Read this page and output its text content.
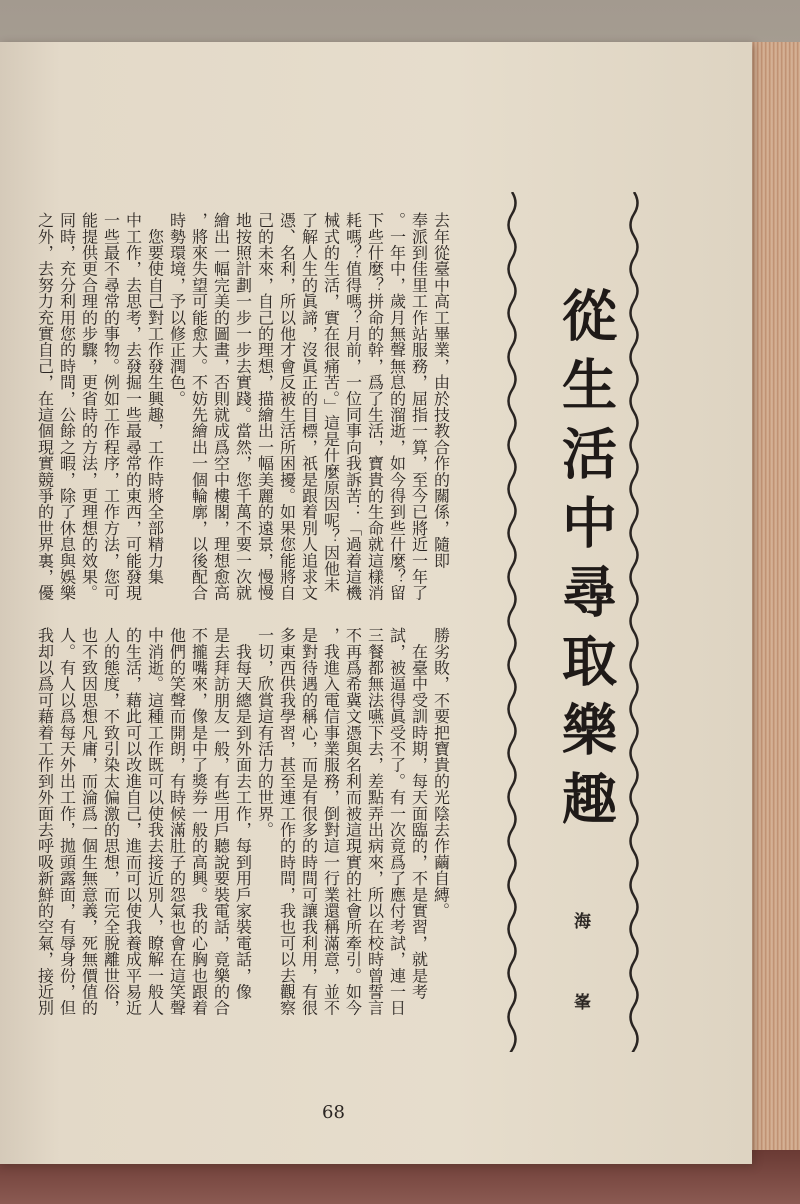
從生活中尋取樂趣
海 峯
去年從臺中高工畢業，由於技教合作的關係，隨即
奉派到佳里工作站服務，屈指一算，至今已將近一年了
。一年中，歲月無聲無息的溜逝，如今得到些什麼？留
下些什麼？拼命的幹，爲了生活，寶貴的生命就這樣消
耗嗎？值得嗎？月前，一位同事向我訴苦：「過着這機
械式的生活，實在很痛苦。」這是什麼原因呢？因他未
了解人生的眞諦，沒眞正的目標，祇是跟着別人追求文
憑、名利，所以他才會反被生活所困擾。如果您能將自
己的未來，自己的理想，描繪出一幅美麗的遠景，慢慢
地按照計劃一步一步去實踐。當然，您千萬不要一次就
繪出一幅完美的圖畫，否則就成爲空中樓閣，理想愈高
，將來失望可能愈大。不妨先繪出一個輪廓，以後配合
時勢環境，予以修正潤色。
　您要使自己對工作發生興趣，工作時將全部精力集
中工作，去思考，去發掘一些最尋常的東西，可能發現
一些最不尋常的事物。例如工作程序，工作方法，您可
能提供更合理的步驟，更省時的方法，更理想的效果。
同時，充分利用您的時間，公餘之暇，除了休息與娛樂
之外，去努力充實自己，在這個現實競爭的世界裏，優
勝劣敗，不要把寶貴的光陰去作繭自縛。
　在臺中受訓時期，每天面臨的，不是實習，就是考
試，被逼得眞受不了。有一次竟爲了應付考試，連一日
三餐都無法嚥下去，差點弄出病來，所以在校時曾誓言
不再爲希冀文憑與名利而被這現實的社會所牽引。如今
，我進入電信事業服務，倒對這一行業還稱滿意，並不
是對待遇的稱心，而是有很多的時間可讓我利用，有很
多東西供我學習，甚至連工作的時間，我也可以去觀察
一切，欣賞這有活力的世界。
　我每天總是到外面去工作，每到用戶家裝電話，像
是去拜訪朋友一般，有些用戶聽說要裝電話，竟樂的合
不攏嘴來，像是中了獎券一般的高興。我的心胸也跟着
他們的笑聲而開朗，有時候滿肚子的怨氣也會在這笑聲
中消逝。這種工作既可以使我去接近別人，瞭解一般人
的生活，藉此可以改進自己，進而可以使我養成平易近
人的態度，不致引染太偏激的思想，而完全脫離世俗，
也不致因思想凡庸，而淪爲一個生無意義，死無價值的
人。有人以爲每天外出工作，拋頭露面，有辱身份，但
我却以爲可藉着工作到外面去呼吸新鮮的空氣，接近別
68
